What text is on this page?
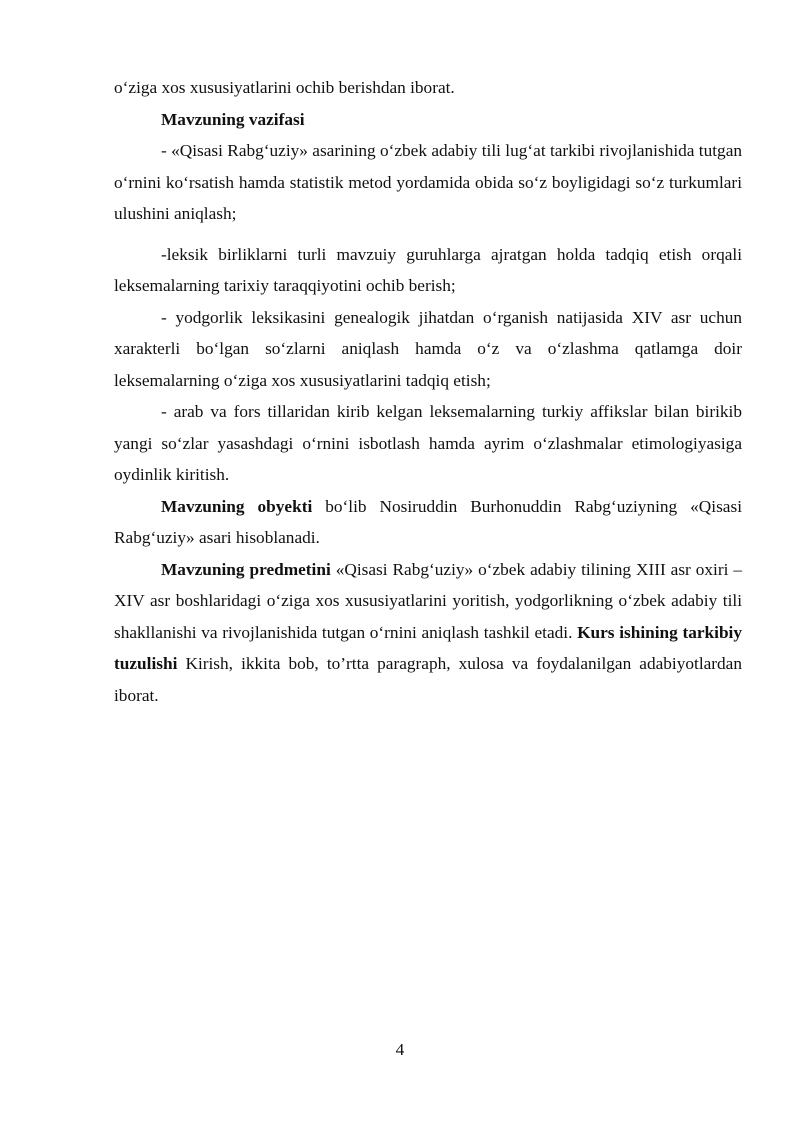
o‘ziga xos xususiyatlarini ochib berishdan iborat.

Mavzuning vazifasi

- «Qisasi Rabg‘uziy» asarining o‘zbek adabiy tili lug‘at tarkibi rivojlanishida tutgan o‘rnini ko‘rsatish hamda statistik metod yordamida obida so‘z boyligidagi so‘z turkumlari ulushini aniqlash;

-leksik birliklarni turli mavzuiy guruhlarga ajratgan holda tadqiq etish orqali leksemalarning tarixiy taraqqiyotini ochib berish;

- yodgorlik leksikasini genealogik jihatdan o‘rganish natijasida XIV asr uchun xarakterli bo‘lgan so‘zlarni aniqlash hamda o‘z va o‘zlashma qatlamga doir leksemalarning o‘ziga xos xususiyatlarini tadqiq etish;

- arab va fors tillaridan kirib kelgan leksemalarning turkiy affikslar bilan birikib yangi so‘zlar yasashdagi o‘rnini isbotlash hamda ayrim o‘zlashmalar etimologiyasiga oydinlik kiritish.

Mavzuning obyekti bo‘lib Nosiruddin Burhonuddin Rabg‘uziyning «Qisasi Rabg‘uziy» asari hisoblanadi.

Mavzuning predmetini «Qisasi Rabg‘uziy» o‘zbek adabiy tilining XIII asr oxiri – XIV asr boshlaridagi o‘ziga xos xususiyatlarini yoritish, yodgorlikning o‘zbek adabiy tili shakllanishi va rivojlanishida tutgan o‘rnini aniqlash tashkil etadi. Kurs ishining tarkibiy tuzulishi Kirish, ikkita bob, to’rtta paragraph, xulosa va foydalanilgan adabiyotlardan iborat.

4
